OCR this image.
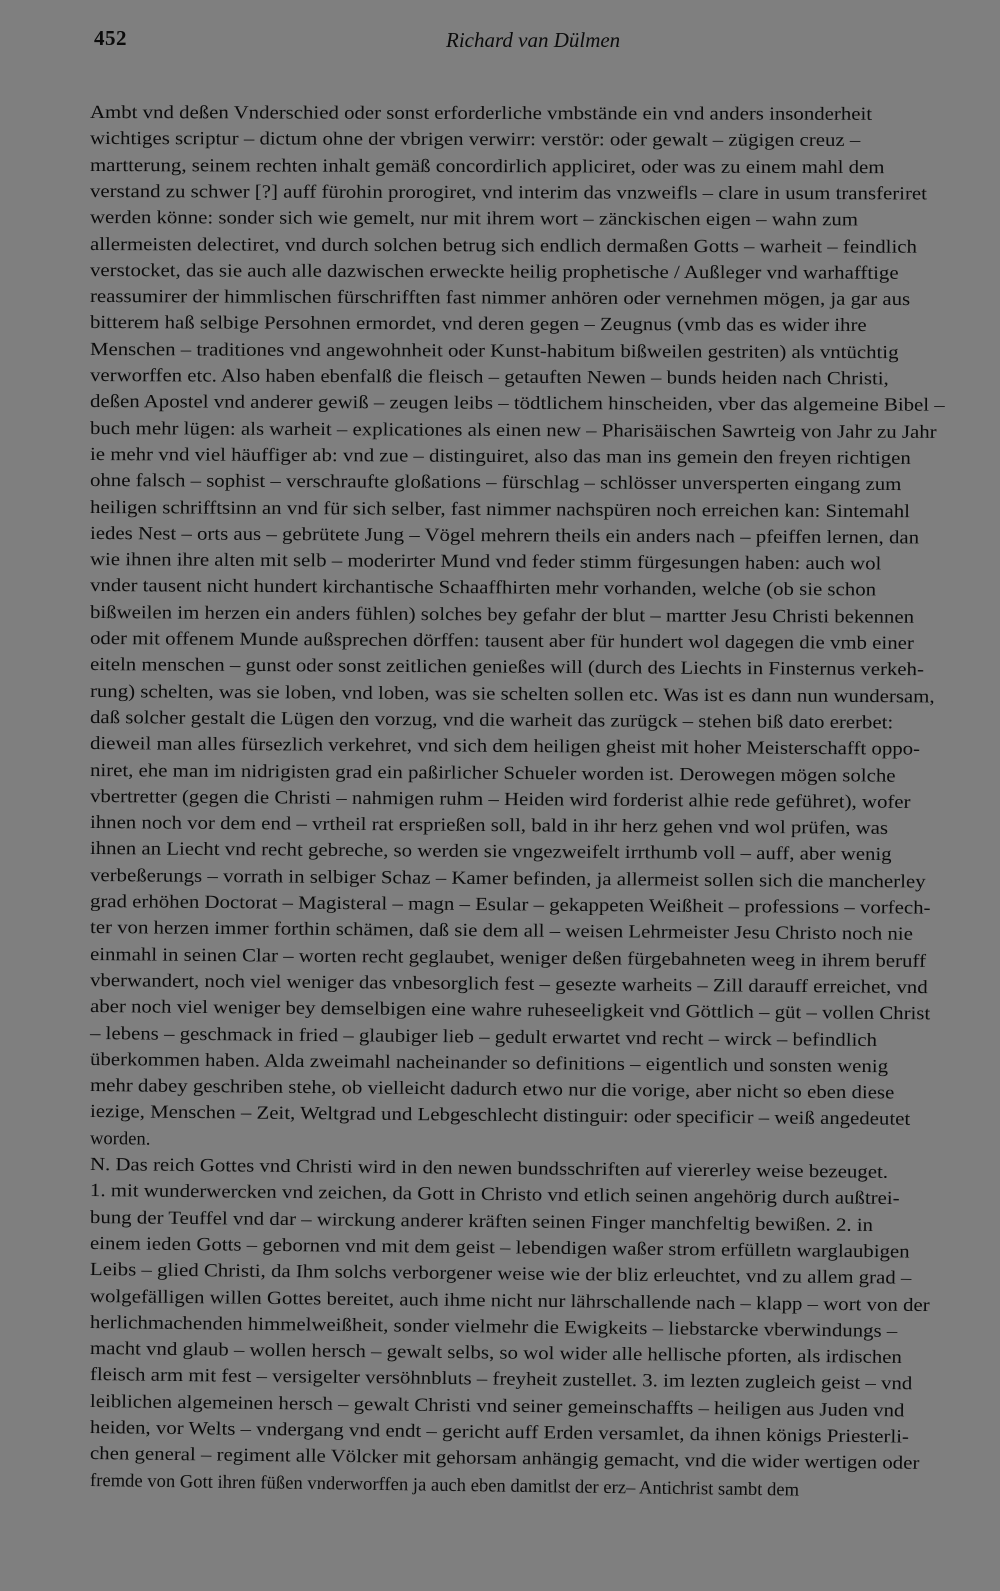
452	Richard van Dülmen
Ambt vnd deßen Vnderschied oder sonst erforderliche vmbstände ein vnd anders insonderheit
wichtiges scriptur – dictum ohne der vbrigen verwirr: verstör: oder gewalt – zügigen creuz –
martterung, seinem rechten inhalt gemäß concordirlich appliciret, oder was zu einem mahl dem
verstand zu schwer [?] auff fürohin prorogiret, vnd interim das vnzweifls – clare in usum transferiret
werden könne: sonder sich wie gemelt, nur mit ihrem wort – zänckischen eigen – wahn zum
allermeisten delectiret, vnd durch solchen betrug sich endlich dermaßen Gotts – warheit – feindlich
verstocket, das sie auch alle dazwischen erweckte heilig prophetische / Außleger vnd warhafftige
reassumirer der himmlischen fürschrifften fast nimmer anhören oder vernehmen mögen, ja gar aus
bitterem haß selbige Persohnen ermordet, vnd deren gegen – Zeugnus (vmb das es wider ihre
Menschen – traditiones vnd angewohnheit oder Kunst-habitum bißweilen gestriten) als vntüchtig
verworffen etc. Also haben ebenfalß die fleisch – getauften Newen – bunds heiden nach Christi,
deßen Apostel vnd anderer gewiß – zeugen leibs – tödtlichem hinscheiden, vber das algemeine Bibel –
buch mehr lügen: als warheit – explicationes als einen new – Pharisäischen Sawrteig von Jahr zu Jahr
ie mehr vnd viel häuffiger ab: vnd zue – distinguiret, also das man ins gemein den freyen richtigen
ohne falsch – sophist – verschraufte gloßations – fürschlag – schlösser unversperten eingang zum
heiligen schrifftsinn an vnd für sich selber, fast nimmer nachspüren noch erreichen kan: Sintemahl
iedes Nest – orts aus – gebrütete Jung – Vögel mehrern theils ein anders nach – pfeiffen lernen, dan
wie ihnen ihre alten mit selb – moderirter Mund vnd feder stimm fürgesungen haben: auch wol
vnder tausent nicht hundert kirchantische Schaaffhirten mehr vorhanden, welche (ob sie schon
bißweilen im herzen ein anders fühlen) solches bey gefahr der blut – martter Jesu Christi bekennen
oder mit offenem Munde außsprechen dörffen: tausent aber für hundert wol dagegen die vmb einer
eiteln menschen – gunst oder sonst zeitlichen genießes will (durch des Liechts in Finsternus verkeh-
rung) schelten, was sie loben, vnd loben, was sie schelten sollen etc. Was ist es dann nun wundersam,
daß solcher gestalt die Lügen den vorzug, vnd die warheit das zurügck – stehen biß dato ererbet:
dieweil man alles fürsezlich verkehret, vnd sich dem heiligen gheist mit hoher Meisterschafft oppo-
niret, ehe man im nidrigisten grad ein paßirlicher Schueler worden ist. Derowegen mögen solche
vbertretter (gegen die Christi – nahmigen ruhm – Heiden wird forderist alhie rede geführet), wofer
ihnen noch vor dem end – vrtheil rat ersprießen soll, bald in ihr herz gehen vnd wol prüfen, was
ihnen an Liecht vnd recht gebreche, so werden sie vngezweifelt irrthumb voll – auff, aber wenig
verbeßerungs – vorrath in selbiger Schaz – Kamer befinden, ja allermeist sollen sich die mancherley
grad erhöhen Doctorat – Magisteral – magn – Esular – gekappeten Weißheit – professions – vorfech-
ter von herzen immer forthin schämen, daß sie dem all – weisen Lehrmeister Jesu Christo noch nie
einmahl in seinen Clar – worten recht geglaubet, weniger deßen fürgebahneten weeg in ihrem beruff
vberwandert, noch viel weniger das vnbesorglich fest – gesezte warheits – Zill darauff erreichet, vnd
aber noch viel weniger bey demselbigen eine wahre ruheseeligkeit vnd Göttlich – güt – vollen Christ
– lebens – geschmack in fried – glaubiger lieb – gedult erwartet vnd recht – wirck – befindlich
überkommen haben. Alda zweimahl nacheinander so definitions – eigentlich und sonsten wenig
mehr dabey geschriben stehe, ob vielleicht dadurch etwo nur die vorige, aber nicht so eben diese
iezige, Menschen – Zeit, Weltgrad und Lebgeschlecht distinguir: oder specificir – weiß angedeutet
worden.
N. Das reich Gottes vnd Christi wird in den newen bundsschriften auf viererley weise bezeuget.
1. mit wunderwercken vnd zeichen, da Gott in Christo vnd etlich seinen angehörig durch außtrei-
bung der Teuffel vnd dar – wirckung anderer kräften seinen Finger manchfeltig bewißen. 2. in
einem ieden Gotts – gebornen vnd mit dem geist – lebendigen waßer strom erfülletn warglaubigen
Leibs – glied Christi, da Ihm solchs verborgener weise wie der bliz erleuchtet, vnd zu allem grad –
wolgefälligen willen Gottes bereitet, auch ihme nicht nur lährschallende nach – klapp – wort von der
herlichmachenden himmelweißheit, sonder vielmehr die Ewigkeits – liebstarcke vberwindungs –
macht vnd glaub – wollen hersch – gewalt selbs, so wol wider alle hellische pforten, als irdischen
fleisch arm mit fest – versigelter versöhnbluts – freyheit zustellet. 3. im lezten zugleich geist – vnd
leiblichen algemeinen hersch – gewalt Christi vnd seiner gemeinschaffts – heiligen aus Juden vnd
heiden, vor Welts – vndergang vnd endt – gericht auff Erden versamlet, da ihnen königs Priesterli-
chen general – regiment alle Völcker mit gehorsam anhängig gemacht, vnd die wider wertigen oder
fremde von Gott ihren füßen vnderworffen ja auch eben damitlst der erz– Antichrist sambt dem
